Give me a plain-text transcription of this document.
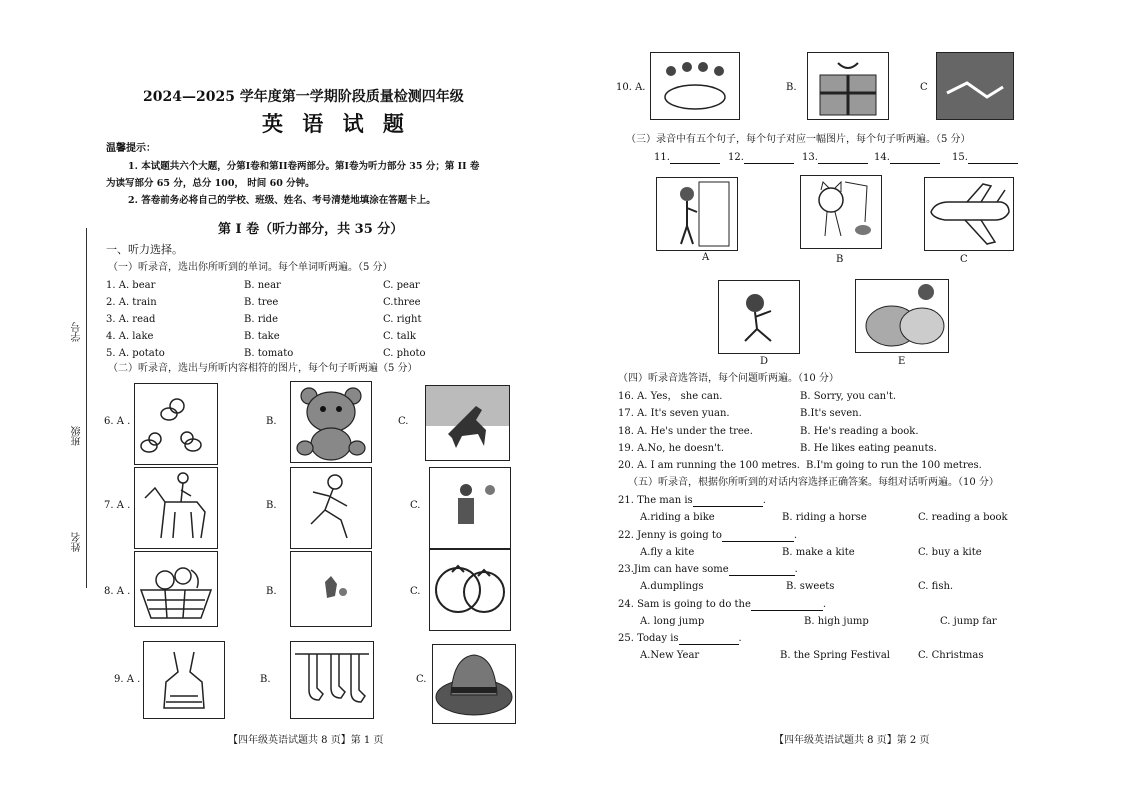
学号
班级
姓名
2024—2025 学年度第一学期阶段质量检测四年级
英 语 试 题
温馨提示：
1. 本试题共六个大题，分第I卷和第II卷两部分。第I卷为听力部分 35 分；第 II 卷
为读写部分 65 分，总分 100， 时间 60 分钟。
2. 答卷前务必将自己的学校、班级、姓名、考号清楚地填涂在答题卡上。
第 I 卷（听力部分，共 35 分）
一、听力选择。
（一）听录音，选出你所听到的单词。每个单词听两遍。（5 分）
1. A. bear	B. near	C. pear
2. A. train	B. tree	C.three
3. A. read	B. ride	C. right
4. A. lake	B. take	C. talk
5. A. potato	B. tomato	C. photo
（二）听录音，选出与所听内容相符的图片，每个句子听两遍（5 分）
6. A .	B.	C.
7. A .	B.	C.
8. A .	B.	C.
9. A .	B.	C.
【四年级英语试题共 8 页】第 1 页
10. A.	B.	C
（三）录音中有五个句子，每个句子对应一幅图片，每个句子听两遍。（5 分）
11.	12.	13.	14.	15.
A	B	C
D	E
（四）听录音选答语，每个问题听两遍。（10 分）
16. A. Yes， she can.	B. Sorry, you can't.
17. A. It's seven yuan.	B.It's seven.
18. A. He's under the tree.	B. He's reading a book.
19. A.No, he doesn't.	B. He likes eating peanuts.
20. A. I am running the 100 metres. B.I'm going to run the 100 metres.
（五）听录音，根据你所听到的对话内容选择正确答案。每组对话听两遍。（10 分）
21. The man is	.
A.riding a bike	B. riding a horse	C. reading a book
22. Jenny is going to	.
A.fly a kite	B. make a kite	C. buy a kite
23.Jim can have some	.
A.dumplings	B. sweets	C. fish.
24. Sam is going to do the	.
A. long jump	B. high jump	C. jump far
25. Today is	.
A.New Year	B. the Spring Festival	C. Christmas
【四年级英语试题共 8 页】第 2 页
